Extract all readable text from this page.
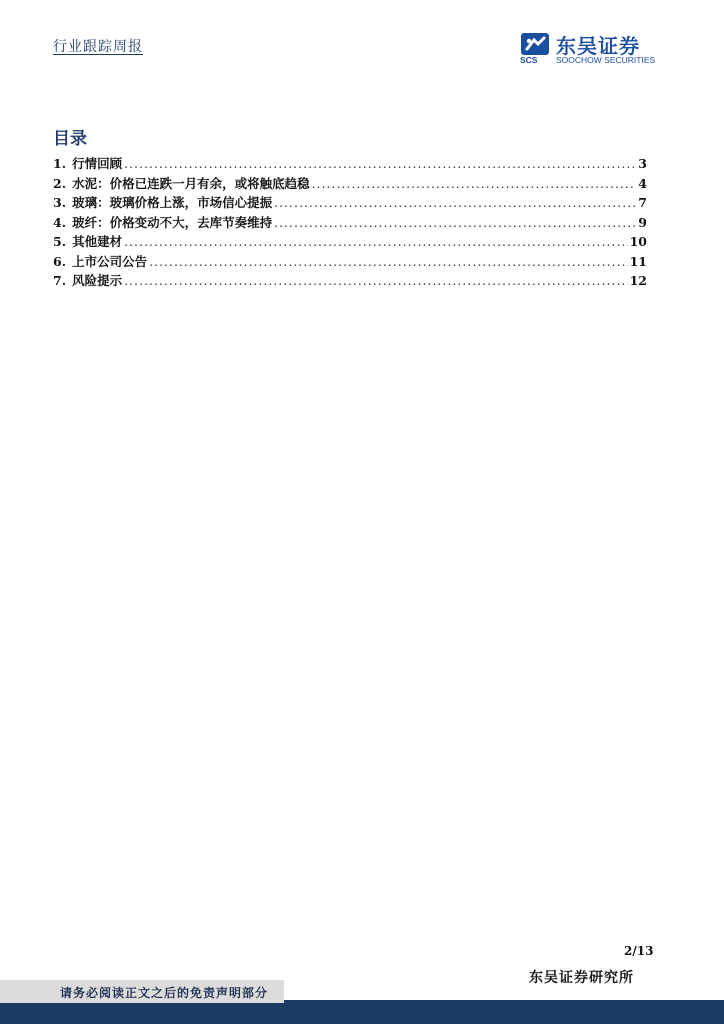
行业跟踪周报	东吴证券
SCS SOOCHOW SECURITIES
目录
1. 行情回顾 .....	3
2. 水泥：价格已连跌一月有余，或将触底趋稳 .....	4
3. 玻璃：玻璃价格上涨，市场信心提振 .....	7
4. 玻纤：价格变动不大，去库节奏维持 .....	9
5. 其他建材 .....	10
6. 上市公司公告 .....	11
7. 风险提示 .....	12
2/13
东吴证券研究所
请务必阅读正文之后的免责声明部分
